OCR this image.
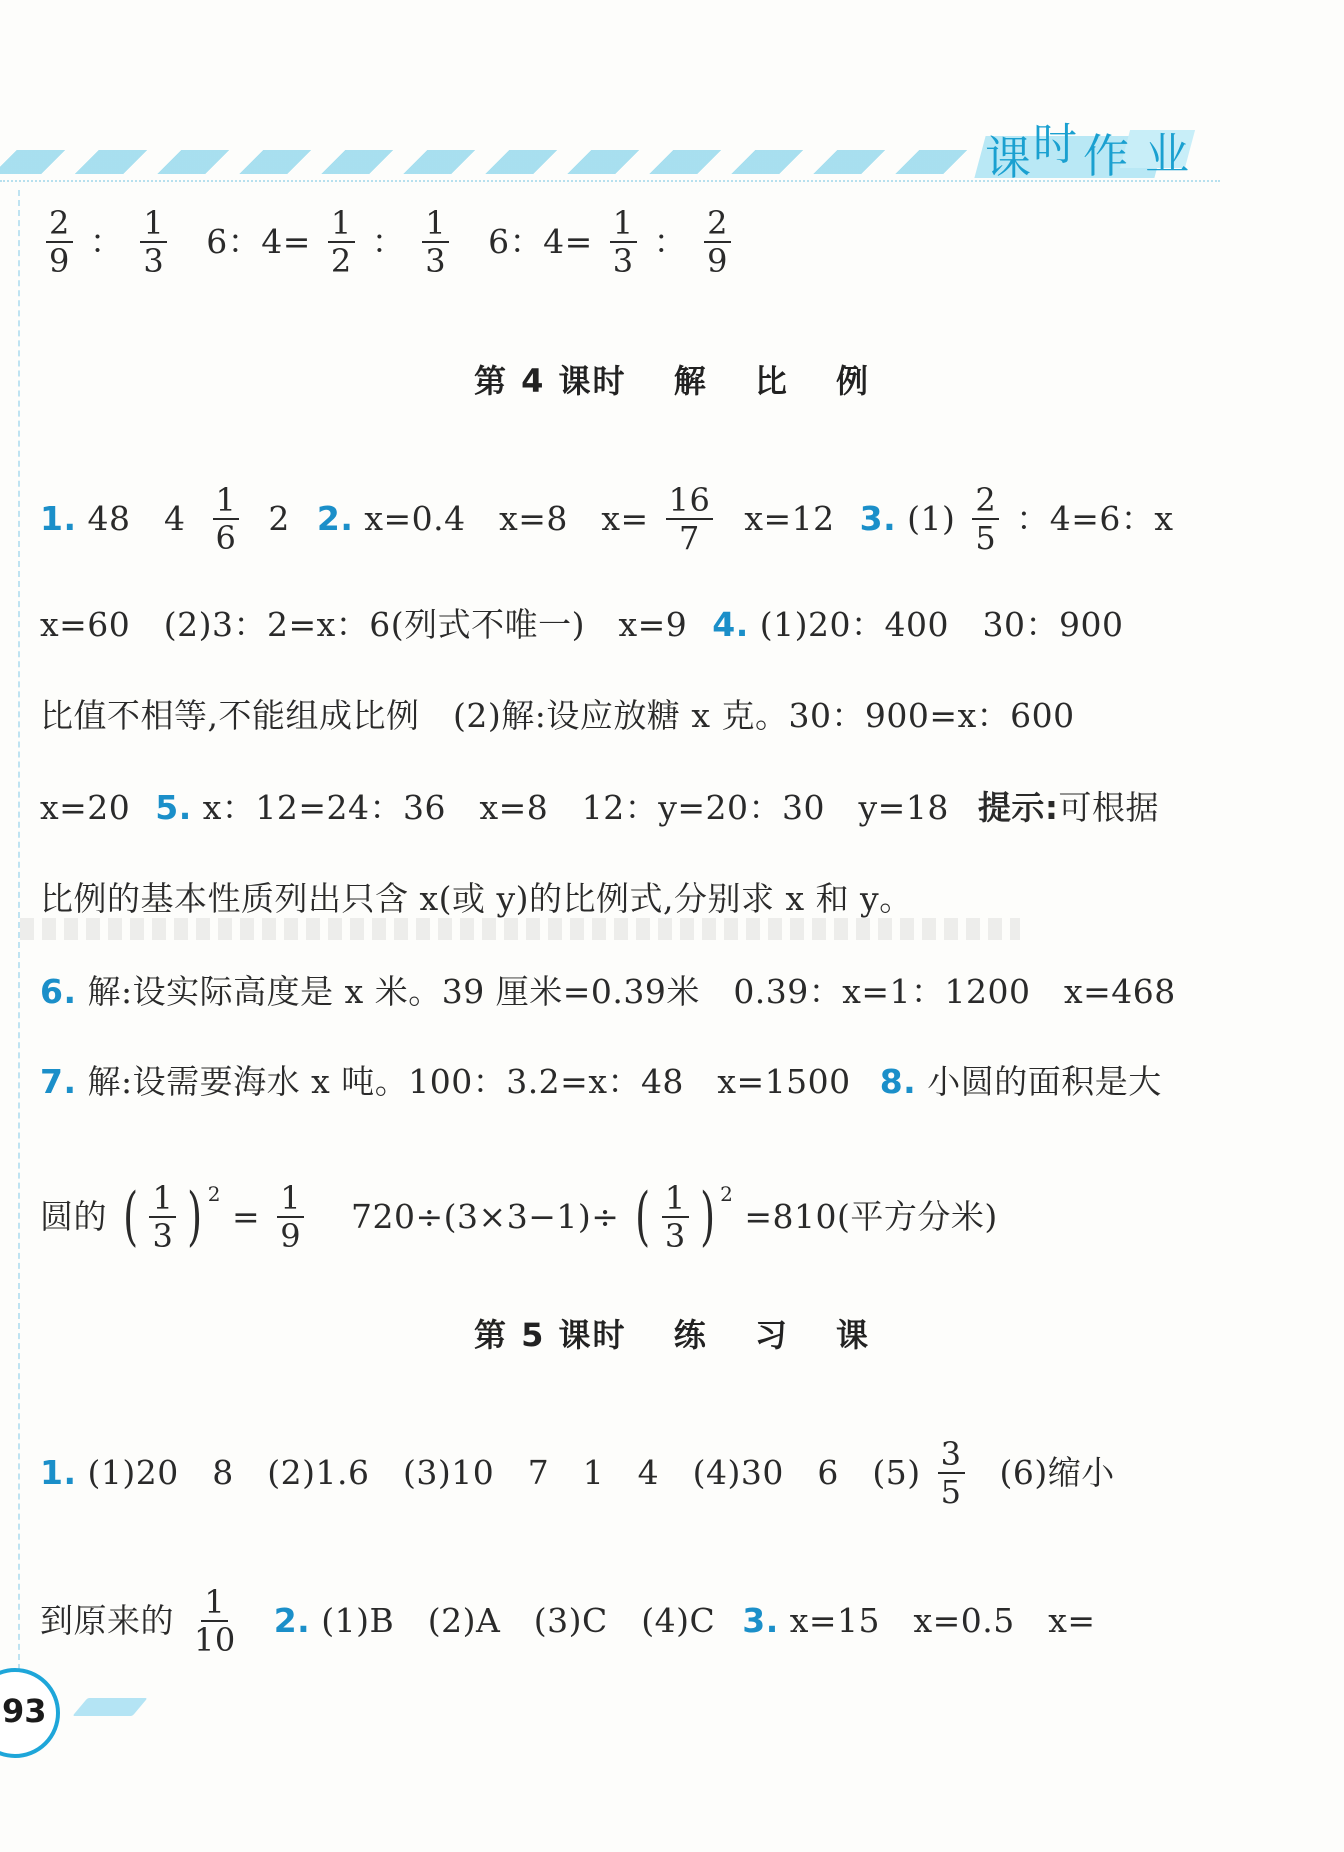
课 时 作 业
$\frac{2}{9}$ ： $\frac{1}{3} 6$：$4= \frac{1}{2}$ ： $\frac{1}{3} 6$：$4= \frac{1}{3}$ ： $\frac{2}{9}$
第 4 课时　 解　 比　 例
1. 48　$4 \frac{1}{6} 2$ 2. x=0.4　x=8　$x= \frac{16}{7} x=12$ 3. $(1) \frac{2}{5}$ ：4=6：x
x=60　(2)3：2=x：6(列式不唯一)　x=9 4. (1)20：400　30：900
比值不相等,不能组成比例　(2)解:设应放糖 x 克。30：900=x：600
x=20 5. x：12=24：36　x=8　12：y=20：30　y=18 提示:可根据
比例的基本性质列出只含 x(或 y)的比例式,分别求 x 和 y。
6. 解:设实际高度是 x 米。39 厘米=0.39米　0.39：x=1：1200　x=468
7. 解:设需要海水 x 吨。100：3.2=x：48　x=1500 8. 小圆的面积是大
圆的 ( $\frac{1}{3}$ ) $^2 = \frac{1}{9} 720\div(3\times 3-1)\div$ ( $\frac{1}{3}$ ) $^2$ =810(平方分米)
第 5 课时　 练　 习　 课
1. (1)20　8　(2)1.6　(3)10　7　1　4　(4)30　6　$(5) \frac{3}{5} (6)$缩小
到原来的 $\frac{1}{10} 2$. (1)B　(2)A　(3)C　(4)C 3. x=15　x=0.5　x=
93
